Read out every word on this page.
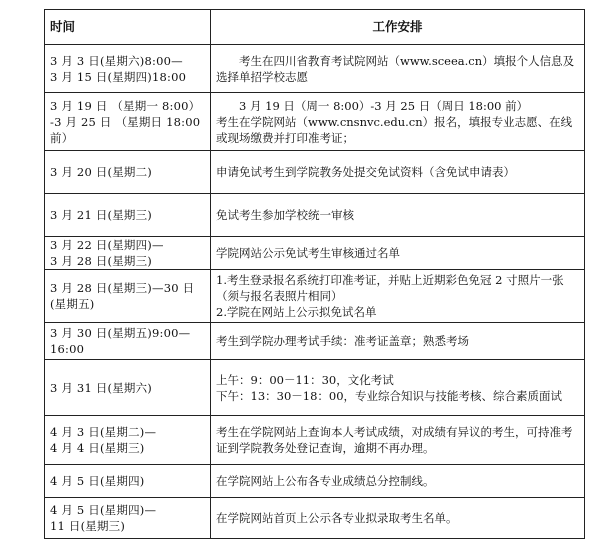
时间	工作安排
3 月 3 日(星期六)8:00—
3 月 15 日(星期四)18:00	考生在四川省教育考试院网站（www.sceea.cn）填报个人信息及选择单招学校志愿
3 月 19 日 （星期一 8:00）
-3 月 25 日 （星期日 18:00
前）	3 月 19 日（周一 8:00）-3 月 25 日（周日 18:00 前）
考生在学院网站（www.cnsnvc.edu.cn）报名，填报专业志愿、在线或现场缴费并打印准考证；
3 月 20 日(星期二)	申请免试考生到学院教务处提交免试资料（含免试申请表）
3 月 21 日(星期三)	免试考生参加学校统一审核
3 月 22 日(星期四)—
3 月 28 日(星期三)	学院网站公示免试考生审核通过名单
3 月 28 日(星期三)—30 日
(星期五)	1.考生登录报名系统打印准考证，并贴上近期彩色免冠 2 寸照片一张（须与报名表照片相同）
2.学院在网站上公示拟免试名单
3 月 30 日(星期五)9:00—
16:00	考生到学院办理考试手续：准考证盖章；熟悉考场
3 月 31 日(星期六)	上午：9：00－11：30，文化考试
下午：13：30－18：00，专业综合知识与技能考核、综合素质面试
4 月 3 日(星期二)—
4 月 4 日(星期三)	考生在学院网站上查询本人考试成绩，对成绩有异议的考生，可持准考证到学院教务处登记查询，逾期不再办理。
4 月 5 日(星期四)	在学院网站上公布各专业成绩总分控制线。
4 月 5 日(星期四)—
11 日(星期三)	在学院网站首页上公示各专业拟录取考生名单。
